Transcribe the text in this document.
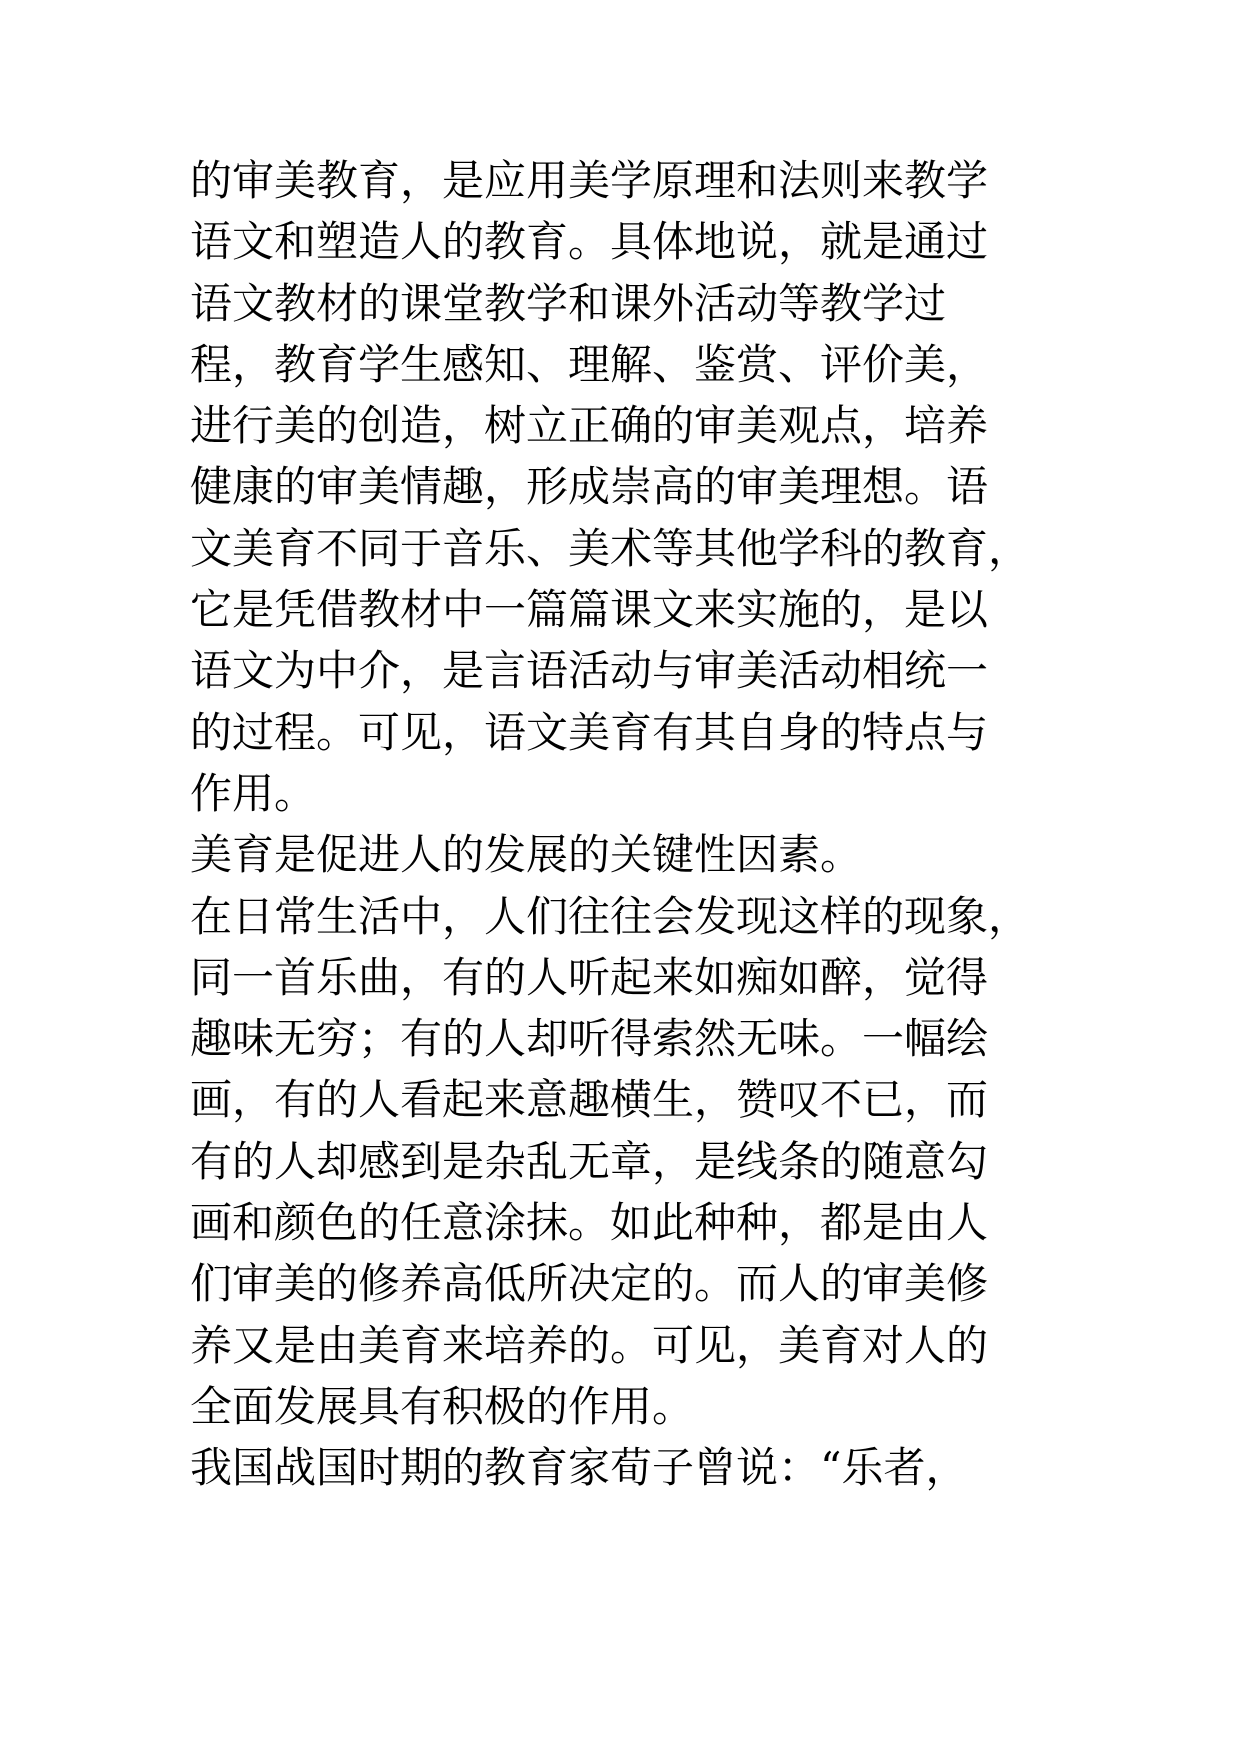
的审美教育，是应用美学原理和法则来教学
语文和塑造人的教育。具体地说，就是通过
语文教材的课堂教学和课外活动等教学过
程，教育学生感知、理解、鉴赏、评价美，
进行美的创造，树立正确的审美观点，培养
健康的审美情趣，形成崇高的审美理想。语
文美育不同于音乐、美术等其他学科的教育，
它是凭借教材中一篇篇课文来实施的，是以
语文为中介，是言语活动与审美活动相统一
的过程。可见，语文美育有其自身的特点与
作用。
美育是促进人的发展的关键性因素。
在日常生活中，人们往往会发现这样的现象，
同一首乐曲，有的人听起来如痴如醉，觉得
趣味无穷；有的人却听得索然无味。一幅绘
画，有的人看起来意趣横生，赞叹不已，而
有的人却感到是杂乱无章，是线条的随意勾
画和颜色的任意涂抹。如此种种，都是由人
们审美的修养高低所决定的。而人的审美修
养又是由美育来培养的。可见，美育对人的
全面发展具有积极的作用。
我国战国时期的教育家荀子曾说：“乐者，
